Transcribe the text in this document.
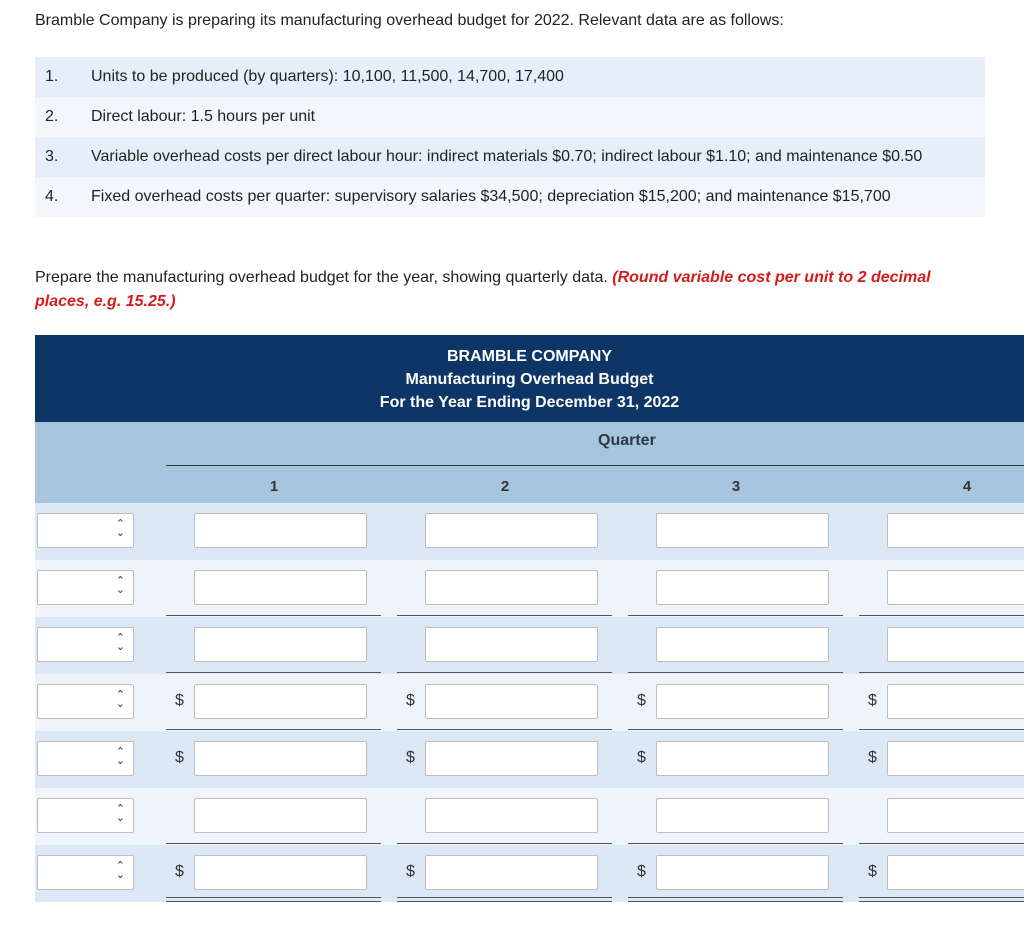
Bramble Company is preparing its manufacturing overhead budget for 2022. Relevant data are as follows:
1.	Units to be produced (by quarters): 10,100, 11,500, 14,700, 17,400
2.	Direct labour: 1.5 hours per unit
3.	Variable overhead costs per direct labour hour: indirect materials $0.70; indirect labour $1.10; and maintenance $0.50
4.	Fixed overhead costs per quarter: supervisory salaries $34,500; depreciation $15,200; and maintenance $15,700
Prepare the manufacturing overhead budget for the year, showing quarterly data. (Round variable cost per unit to 2 decimal places, e.g. 15.25.)
BRAMBLE COMPANY
Manufacturing Overhead Budget
For the Year Ending December 31, 2022
Quarter
1	2	3	4
⌃
⌄
⌃
⌄
⌃
⌄
⌃
⌄	$	$	$	$
⌃
⌄	$	$	$	$
⌃
⌄
⌃
⌄	$	$	$	$
